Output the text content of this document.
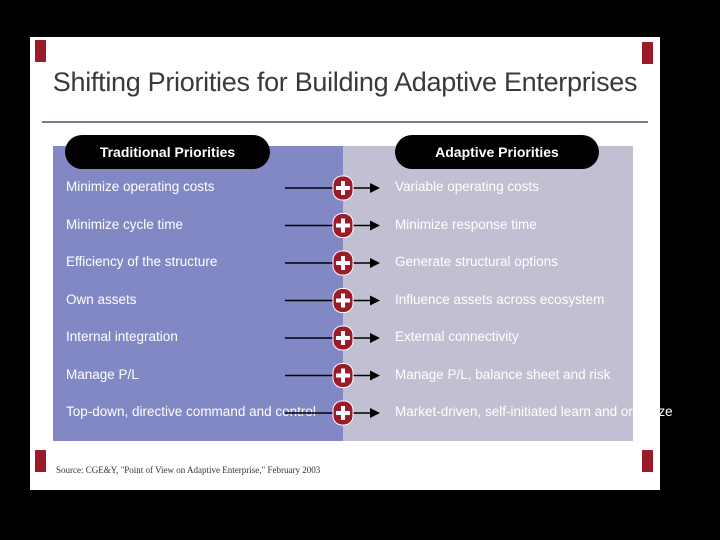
Shifting Priorities for Building Adaptive Enterprises
Traditional Priorities	Adaptive Priorities
Minimize operating costs	Variable operating costs
Minimize cycle time	Minimize response time
Efficiency of the structure	Generate structural options
Own assets	Influence assets across ecosystem
Internal integration	External connectivity
Manage P/L	Manage P/L, balance sheet and risk
Top-down, directive command and control	Market-driven, self-initiated learn and organize
Source: CGE&Y, "Point of View on Adaptive Enterprise," February 2003
